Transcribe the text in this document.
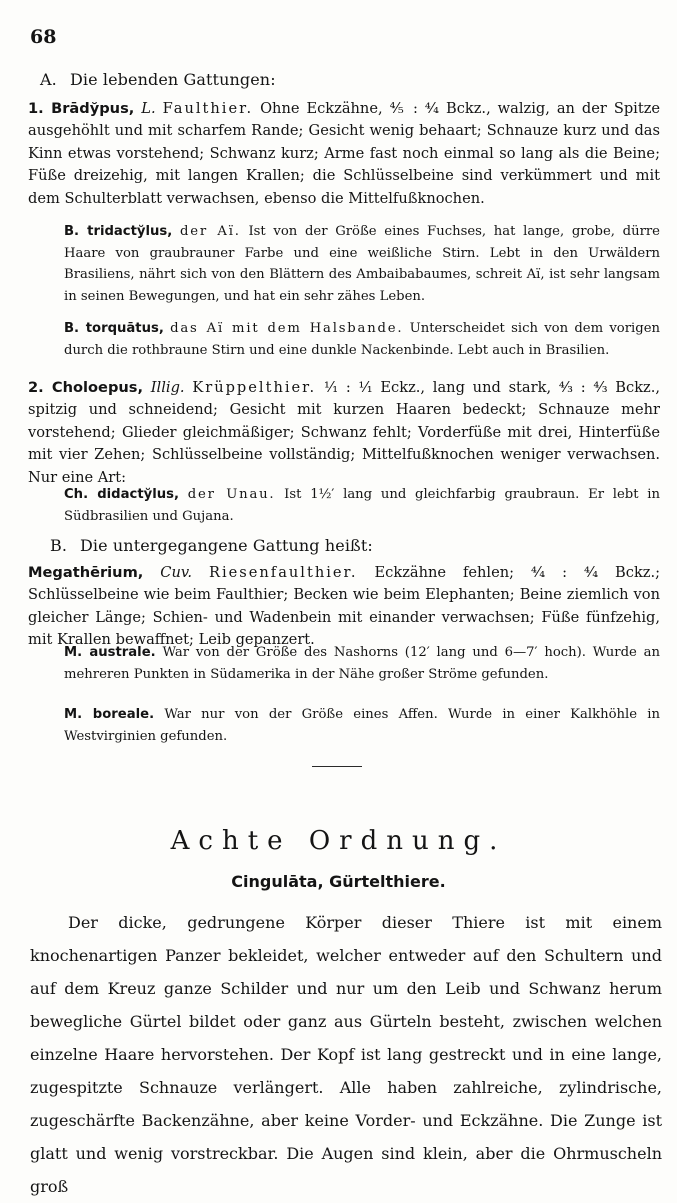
68
A. Die lebenden Gattungen:
1. Brādўpus, L. Faulthier. Ohne Eckzähne, ⅘ : ⁴⁄₄ Bckz., walzig, an der Spitze ausgehöhlt und mit scharfem Rande; Gesicht wenig behaart; Schnauze kurz und das Kinn etwas vorstehend; Schwanz kurz; Arme fast noch einmal so lang als die Beine; Füße dreizehig, mit langen Krallen; die Schlüsselbeine sind verkümmert und mit dem Schulterblatt verwachsen, ebenso die Mittelfußknochen.
B. tridactўlus, der Aï. Ist von der Größe eines Fuchses, hat lange, grobe, dürre Haare von graubrauner Farbe und eine weißliche Stirn. Lebt in den Urwäldern Brasiliens, nährt sich von den Blättern des Ambaibabaumes, schreit Aï, ist sehr langsam in seinen Bewegungen, und hat ein sehr zähes Leben.
B. torquātus, das Aï mit dem Halsbande. Unterscheidet sich von dem vorigen durch die rothbraune Stirn und eine dunkle Nackenbinde. Lebt auch in Brasilien.
2. Choloepus, Illig. Krüppelthier. ¹⁄₁ : ¹⁄₁ Eckz., lang und stark, ⁴⁄₃ : ⁴⁄₃ Bckz., spitzig und schneidend; Gesicht mit kurzen Haaren bedeckt; Schnauze mehr vorstehend; Glieder gleichmäßiger; Schwanz fehlt; Vorderfüße mit drei, Hinterfüße mit vier Zehen; Schlüsselbeine vollständig; Mittelfußknochen weniger verwachsen. Nur eine Art:
Ch. didactўlus, der Unau. Ist 1½′ lang und gleichfarbig graubraun. Er lebt in Südbrasilien und Gujana.
B. Die untergegangene Gattung heißt:
Megathērium, Cuv. Riesenfaulthier. Eckzähne fehlen; ⁴⁄₄ : ⁴⁄₄ Bckz.; Schlüsselbeine wie beim Faulthier; Becken wie beim Elephanten; Beine ziemlich von gleicher Länge; Schien- und Wadenbein mit einander verwachsen; Füße fünfzehig, mit Krallen bewaffnet; Leib gepanzert.
M. australe. War von der Größe des Nashorns (12′ lang und 6—7′ hoch). Wurde an mehreren Punkten in Südamerika in der Nähe großer Ströme gefunden.
M. boreale. War nur von der Größe eines Affen. Wurde in einer Kalkhöhle in Westvirginien gefunden.
Achte Ordnung.
Cingulāta, Gürtelthiere.
Der dicke, gedrungene Körper dieser Thiere ist mit einem knochenartigen Panzer bekleidet, welcher entweder auf den Schultern und auf dem Kreuz ganze Schilder und nur um den Leib und Schwanz herum bewegliche Gürtel bildet oder ganz aus Gürteln besteht, zwischen welchen einzelne Haare hervorstehen. Der Kopf ist lang gestreckt und in eine lange, zugespitzte Schnauze verlängert. Alle haben zahlreiche, zylindrische, zugeschärfte Backenzähne, aber keine Vorder- und Eckzähne. Die Zunge ist glatt und wenig vorstreckbar. Die Augen sind klein, aber die Ohrmuscheln groß
